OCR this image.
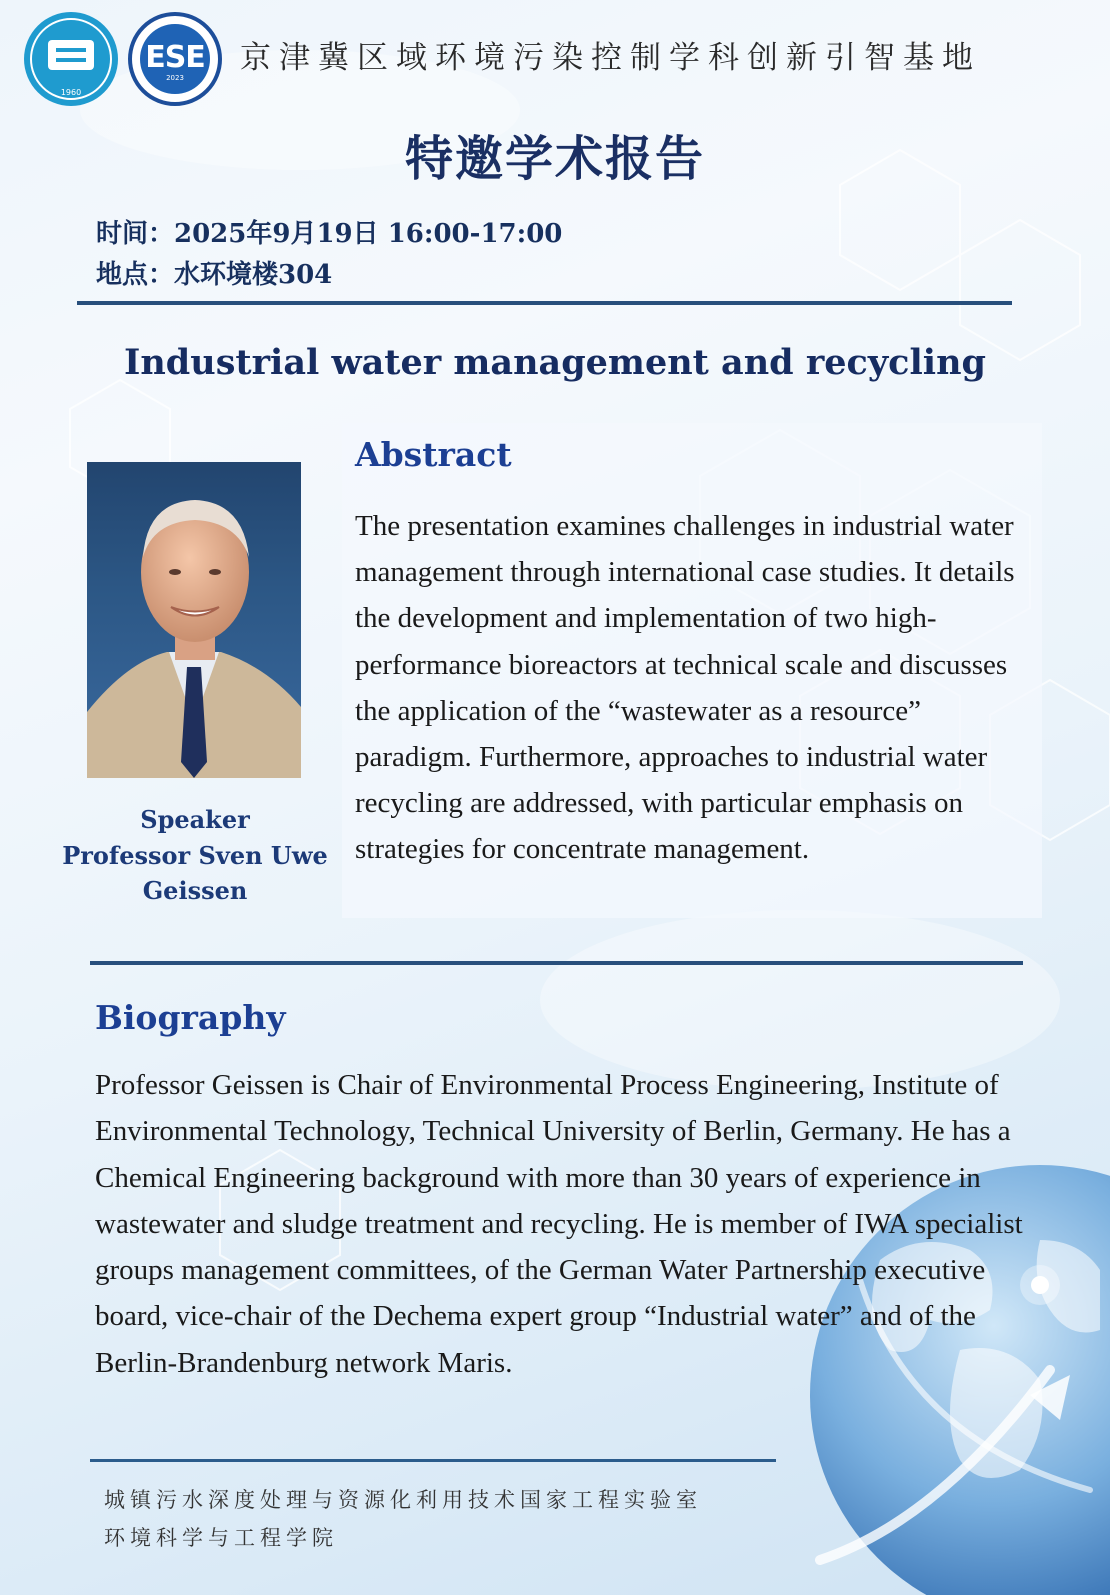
1960
ESE
2023
京津冀区域环境污染控制学科创新引智基地
特邀学术报告
时间：2025年9月19日 16:00-17:00
地点：水环境楼304
Industrial water management and recycling
Abstract
The presentation examines challenges in industrial water management through international case studies. It details the development and implementation of two high-performance bioreactors at technical scale and discusses the application of the “wastewater as a resource” paradigm. Furthermore, approaches to industrial water recycling are addressed, with particular emphasis on strategies for concentrate management.
Speaker
Professor Sven Uwe Geissen
Biography
Professor Geissen is Chair of Environmental Process Engineering, Institute of Environmental Technology, Technical University of Berlin, Germany. He has a Chemical Engineering background with more than 30 years of experience in wastewater and sludge treatment and recycling. He is member of IWA specialist groups management committees, of the German Water Partnership executive board, vice-chair of the Dechema expert group “Industrial water” and of the Berlin-Brandenburg network Maris.
城镇污水深度处理与资源化利用技术国家工程实验室
环境科学与工程学院
